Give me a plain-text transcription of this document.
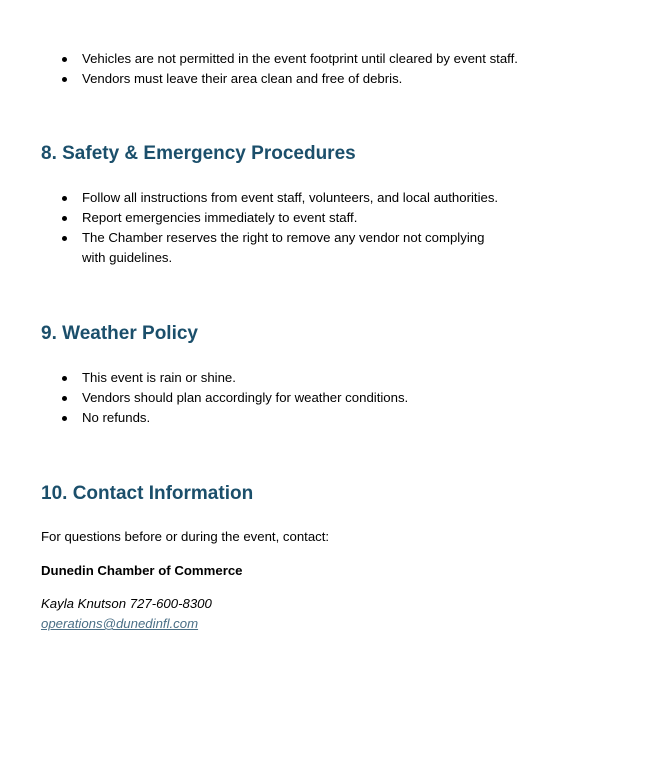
Vehicles are not permitted in the event footprint until cleared by event staff.
Vendors must leave their area clean and free of debris.
8. Safety & Emergency Procedures
Follow all instructions from event staff, volunteers, and local authorities.
Report emergencies immediately to event staff.
The Chamber reserves the right to remove any vendor not complying with guidelines.
9. Weather Policy
This event is rain or shine.
Vendors should plan accordingly for weather conditions.
No refunds.
10. Contact Information

For questions before or during the event, contact:

Dunedin Chamber of Commerce

Kayla Knutson 727-600-8300

operations@dunedinfl.com
